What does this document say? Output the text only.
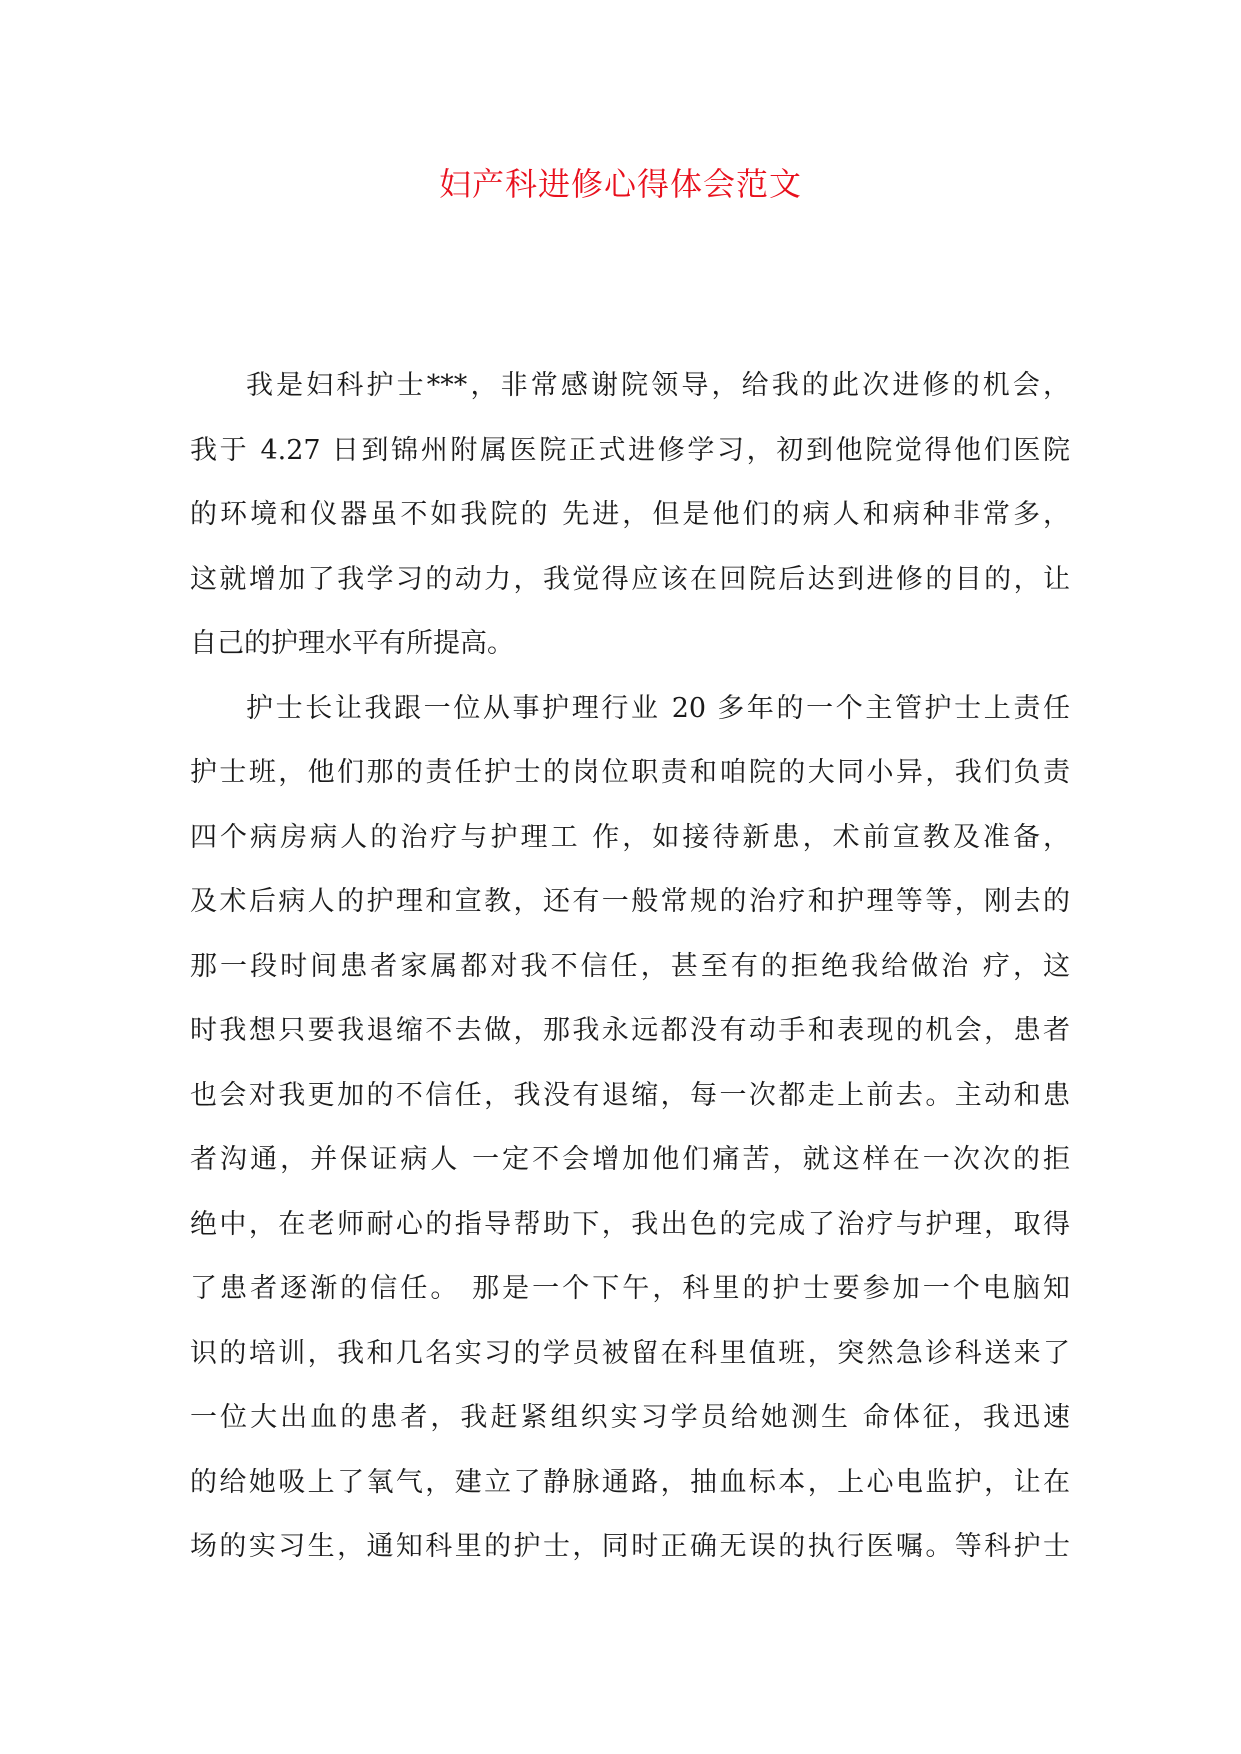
妇产科进修心得体会范文
我是妇科护士***，非常感谢院领导，给我的此次进修的机会，
我于 4.27 日到锦州附属医院正式进修学习，初到他院觉得他们医院
的环境和仪器虽不如我院的 先进，但是他们的病人和病种非常多，
这就增加了我学习的动力，我觉得应该在回院后达到进修的目的，让
自己的护理水平有所提高。
护士长让我跟一位从事护理行业 20 多年的一个主管护士上责任
护士班，他们那的责任护士的岗位职责和咱院的大同小异，我们负责
四个病房病人的治疗与护理工 作，如接待新患，术前宣教及准备，
及术后病人的护理和宣教，还有一般常规的治疗和护理等等，刚去的
那一段时间患者家属都对我不信任，甚至有的拒绝我给做治 疗，这
时我想只要我退缩不去做，那我永远都没有动手和表现的机会，患者
也会对我更加的不信任，我没有退缩，每一次都走上前去。主动和患
者沟通，并保证病人 一定不会增加他们痛苦，就这样在一次次的拒
绝中，在老师耐心的指导帮助下，我出色的完成了治疗与护理，取得
了患者逐渐的信任。 那是一个下午，科里的护士要参加一个电脑知
识的培训，我和几名实习的学员被留在科里值班，突然急诊科送来了
一位大出血的患者，我赶紧组织实习学员给她测生 命体征，我迅速
的给她吸上了氧气，建立了静脉通路，抽血标本，上心电监护，让在
场的实习生，通知科里的护士，同时正确无误的执行医嘱。等科护士
